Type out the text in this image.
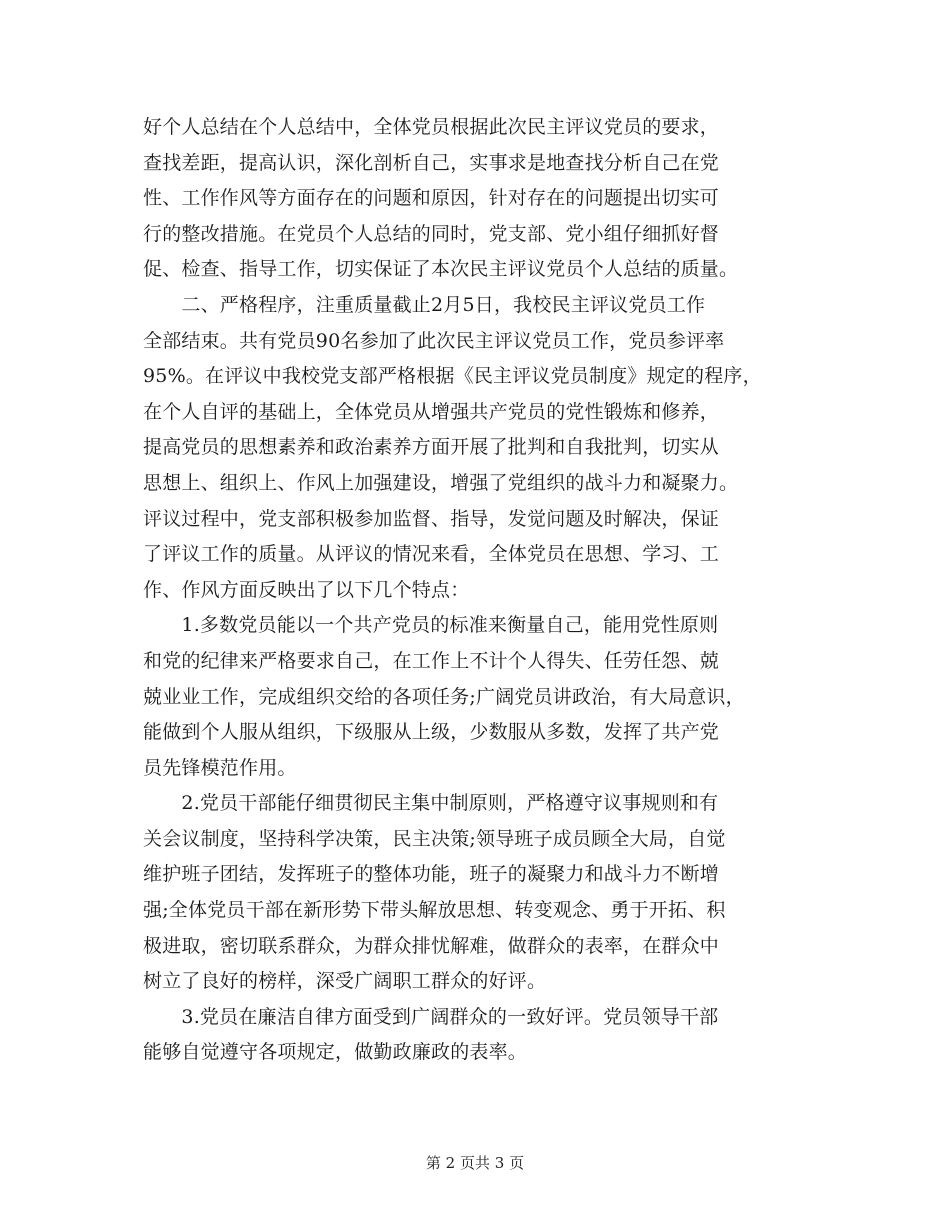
好个人总结在个人总结中，全体党员根据此次民主评议党员的要求，
查找差距，提高认识，深化剖析自己，实事求是地查找分析自己在党
性、工作作风等方面存在的问题和原因，针对存在的问题提出切实可
行的整改措施。在党员个人总结的同时，党支部、党小组仔细抓好督
促、检查、指导工作，切实保证了本次民主评议党员个人总结的质量。
　　二、严格程序，注重质量截止2月5日，我校民主评议党员工作
全部结束。共有党员90名参加了此次民主评议党员工作，党员参评率
95%。在评议中我校党支部严格根据《民主评议党员制度》规定的程序，
在个人自评的基础上，全体党员从增强共产党员的党性锻炼和修养，
提高党员的思想素养和政治素养方面开展了批判和自我批判，切实从
思想上、组织上、作风上加强建设，增强了党组织的战斗力和凝聚力。
评议过程中，党支部积极参加监督、指导，发觉问题及时解决，保证
了评议工作的质量。从评议的情况来看，全体党员在思想、学习、工
作、作风方面反映出了以下几个特点：
　　1.多数党员能以一个共产党员的标准来衡量自己，能用党性原则
和党的纪律来严格要求自己，在工作上不计个人得失、任劳任怨、兢
兢业业工作，完成组织交给的各项任务;广阔党员讲政治，有大局意识，
能做到个人服从组织，下级服从上级，少数服从多数，发挥了共产党
员先锋模范作用。
　　2.党员干部能仔细贯彻民主集中制原则，严格遵守议事规则和有
关会议制度，坚持科学决策，民主决策;领导班子成员顾全大局，自觉
维护班子团结，发挥班子的整体功能，班子的凝聚力和战斗力不断增
强;全体党员干部在新形势下带头解放思想、转变观念、勇于开拓、积
极进取，密切联系群众，为群众排忧解难，做群众的表率，在群众中
树立了良好的榜样，深受广阔职工群众的好评。
　　3.党员在廉洁自律方面受到广阔群众的一致好评。党员领导干部
能够自觉遵守各项规定，做勤政廉政的表率。
第 2 页共 3 页
